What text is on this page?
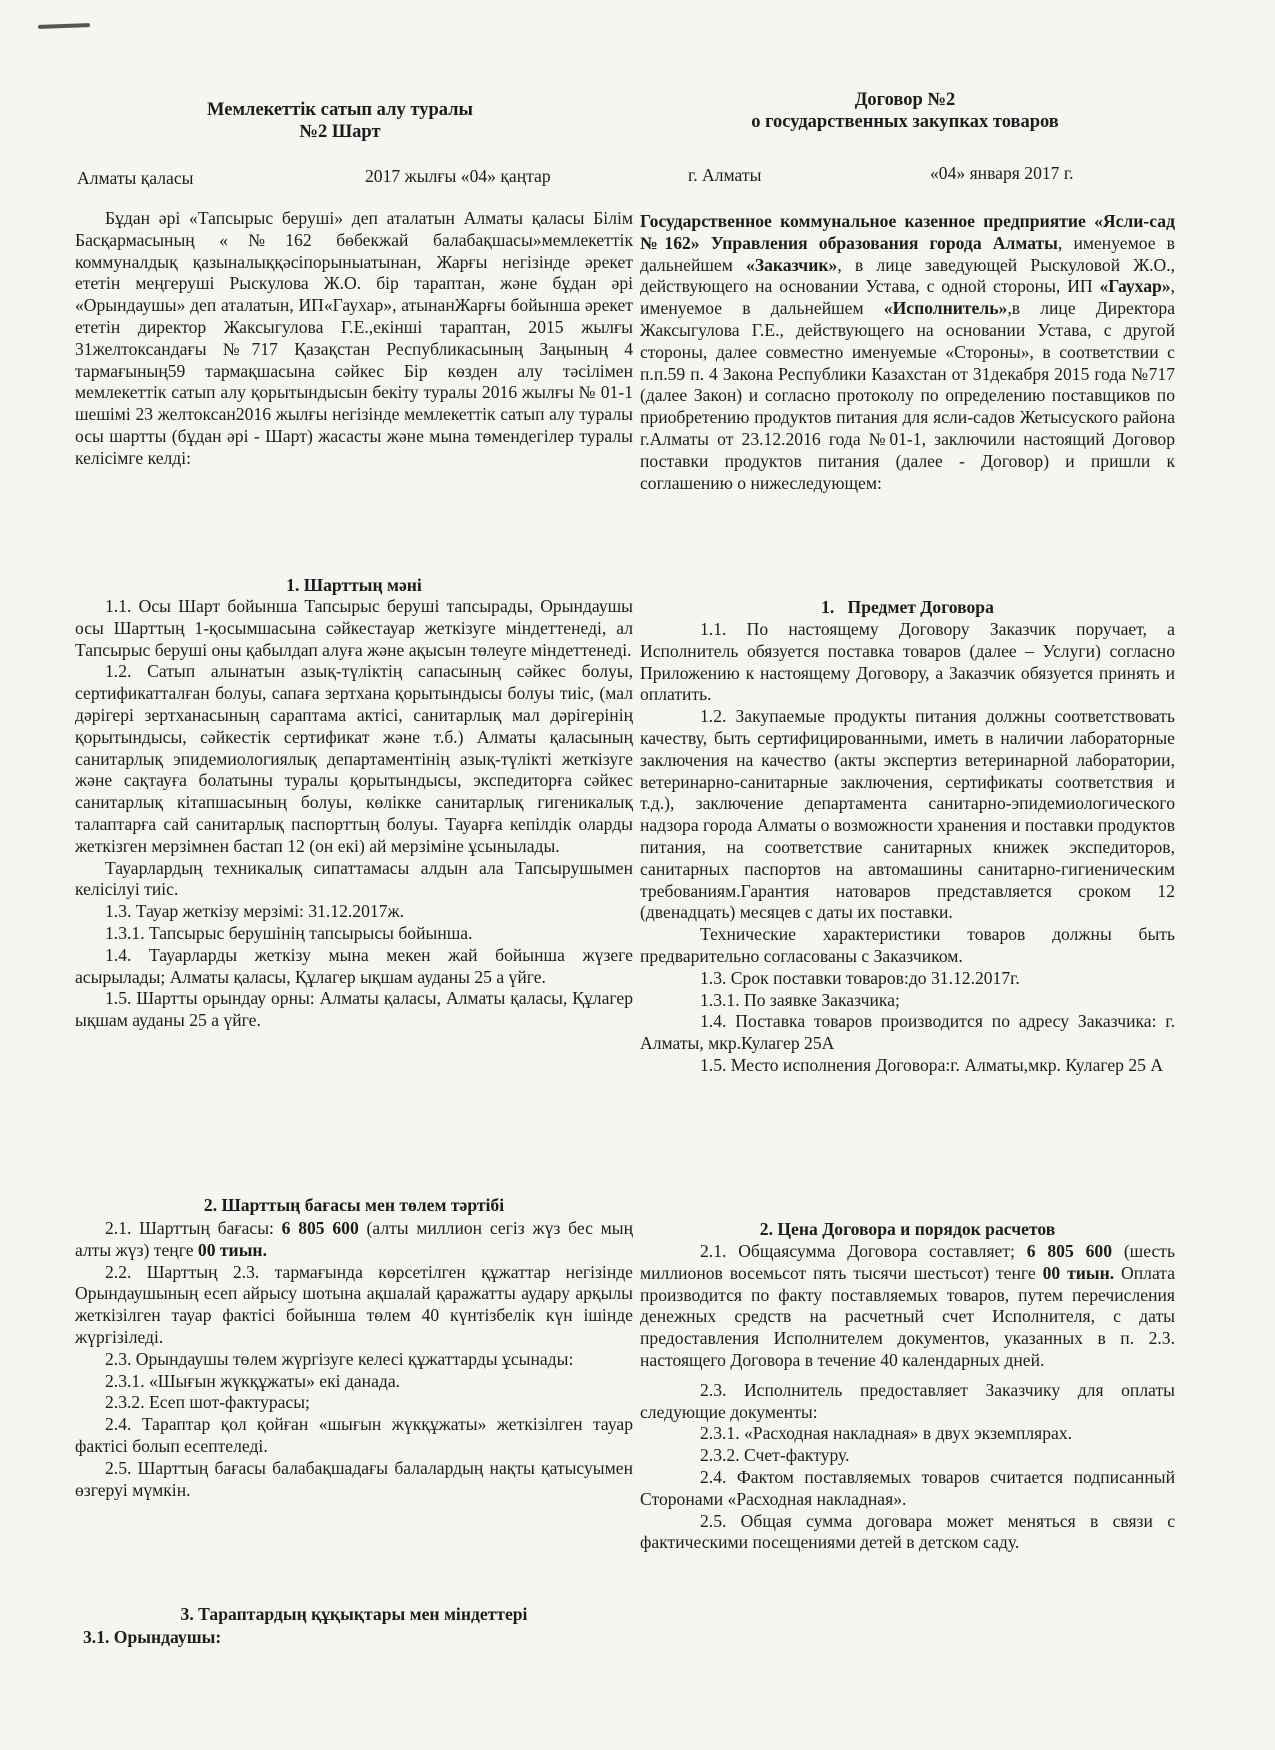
Мемлекеттік сатып алу туралы
№2 Шарт
Договор №2
о государственных закупках товаров
Алматы қаласы	2017 жылғы «04» қаңтар	г. Алматы	«04» января 2017 г.

Бұдан әрі «Тапсырыс беруші» деп аталатын Алматы қаласы Білім Басқармасының «№162 бөбекжай балабақшасы»мемлекеттік коммуналдық қазыналыққәсіпорыныатынан, Жарғы негізінде әрекет ететін меңгеруші Рыскулова Ж.О. бір тараптан, және бұдан әрі «Орындаушы» деп аталатын, ИП«Гаухар», атынанЖарғы бойынша әрекет ететін директор Жаксыгулова Г.Е.,екінші тараптан, 2015 жылғы 31желтоксандағы №717 Қазақстан Республикасының Заңының 4 тармағының59 тармақшасына сәйкес Бір көзден алу тәсілімен мемлекеттік сатып алу қорытындысын бекіту туралы 2016 жылғы № 01-1 шешімі 23 желтоксан2016 жылғы негізінде мемлекеттік сатып алу туралы осы шартты (бұдан әрі - Шарт) жасасты және мына төмендегілер туралы келісімге келді:

1. Шарттың мәні

1.1. Осы Шарт бойынша Тапсырыс беруші тапсырады, Орындаушы осы Шарттың 1-қосымшасына сәйкестауар жеткізуге міндеттенеді, ал Тапсырыс беруші оны қабылдап алуға және ақысын төлеуге міндеттенеді.

1.2. Сатып алынатын азық-түліктің сапасының сәйкес болуы, сертификатталған болуы, сапаға зертхана қорытындысы болуы тиіс, (мал дәрігері зертханасының сараптама актісі, санитарлық мал дәрігерінің қорытындысы, сәйкестік сертификат және т.б.) Алматы қаласының санитарлық эпидемиологиялық департаментінің азық-түлікті жеткізуге және сақтауға болатыны туралы қорытындысы, экспедиторға сәйкес санитарлық кітапшасының болуы, көлікке санитарлық гигеникалық талаптарға сай санитарлық паспорттың болуы. Тауарға кепілдік оларды жеткізген мерзімнен бастап 12 (он екі) ай мерзіміне ұсынылады.

Тауарлардың техникалық сипаттамасы алдын ала Тапсырушымен келісілуі тиіс.

1.3. Тауар жеткізу мерзімі: 31.12.2017ж.

1.3.1. Тапсырыс берушінің тапсырысы бойынша.

1.4. Тауарларды жеткізу мына мекен жай бойынша жүзеге асырылады; Алматы қаласы, Құлагер ықшам ауданы 25 а үйге.

1.5. Шартты орындау орны: Алматы қаласы, Алматы қаласы, Құлагер ықшам ауданы 25 а үйге.

2. Шарттың бағасы мен төлем тәртібі

2.1. Шарттың бағасы: 6 805 600 (алты миллион сегіз жүз бес мың алты жүз) теңге 00 тиын.

2.2. Шарттың 2.3. тармағында көрсетілген құжаттар негізінде Орындаушының есеп айрысу шотына ақшалай қаражатты аудару арқылы жеткізілген тауар фактісі бойынша төлем 40 күнтізбелік күн ішінде жүргізіледі.

2.3. Орындаушы төлем жүргізуге келесі құжаттарды ұсынады:

2.3.1. «Шығын жүкқұжаты» екі данада.

2.3.2. Есеп шот-фактурасы;

2.4. Тараптар қол қойған «шығын жүкқұжаты» жеткізілген тауар фактісі болып есептеледі.

2.5. Шарттың бағасы балабақшадағы балалардың нақты қатысуымен өзгеруі мүмкін.

3. Тараптардың құқықтары мен міндеттері

3.1. Орындаушы:

Государственное коммунальное казенное предприятие «Ясли-сад №162» Управления образования города Алматы, именуемое в дальнейшем «Заказчик», в лице заведующей Рыскуловой Ж.О., действующего на основании Устава, с одной стороны, ИП «Гаухар», именуемое в дальнейшем «Исполнитель»,в лице Директора Жаксыгулова Г.Е., действующего на основании Устава, с другой стороны, далее совместно именуемые «Стороны», в соответствии с п.п.59 п. 4 Закона Республики Казахстан от 31декабря 2015 года №717 (далее Закон) и согласно протоколу по определению поставщиков по приобретению продуктов питания для ясли-садов Жетысуского района г.Алматы от 23.12.2016 года №01-1, заключили настоящий Договор поставки продуктов питания (далее - Договор) и пришли к соглашению о нижеследующем:

1.   Предмет Договора

1.1. По настоящему Договору Заказчик поручает, а Исполнитель обязуется поставка товаров (далее – Услуги) согласно Приложению к настоящему Договору, а Заказчик обязуется принять и оплатить.

1.2. Закупаемые продукты питания должны соответствовать качеству, быть сертифицированными, иметь в наличии лабораторные заключения на качество (акты экспертиз ветеринарной лаборатории, ветеринарно-санитарные заключения, сертификаты соответствия и т.д.), заключение департамента санитарно-эпидемиологического надзора города Алматы о возможности хранения и поставки продуктов питания, на соответствие санитарных книжек экспедиторов, санитарных паспортов на автомашины санитарно-гигиеническим требованиям.Гарантия натоваров представляется сроком 12 (двенадцать) месяцев с даты их поставки.

Технические характеристики товаров должны быть предварительно согласованы с Заказчиком.

1.3. Срок поставки товаров:до 31.12.2017г.

1.3.1. По заявке Заказчика;

1.4. Поставка товаров производится по адресу Заказчика: г. Алматы, мкр.Кулагер 25А

1.5. Место исполнения Договора:г. Алматы,мкр. Кулагер 25 А

2. Цена Договора и порядок расчетов

2.1. Общаясумма Договора составляет; 6 805 600 (шесть миллионов восемьсот пять тысячи шестьсот) тенге 00 тиын. Оплата производится по факту поставляемых товаров, путем перечисления денежных средств на расчетный счет Исполнителя, с даты предоставления Исполнителем документов, указанных в п. 2.3. настоящего Договора в течение 40 календарных дней.

2.3. Исполнитель предоставляет Заказчику для оплаты следующие документы:

2.3.1. «Расходная накладная» в двух экземплярах.

2.3.2. Счет-фактуру.

2.4. Фактом поставляемых товаров считается подписанный Сторонами «Расходная накладная».

2.5. Общая сумма договара может меняться в связи с фактическими посещениями детей в детском саду.
